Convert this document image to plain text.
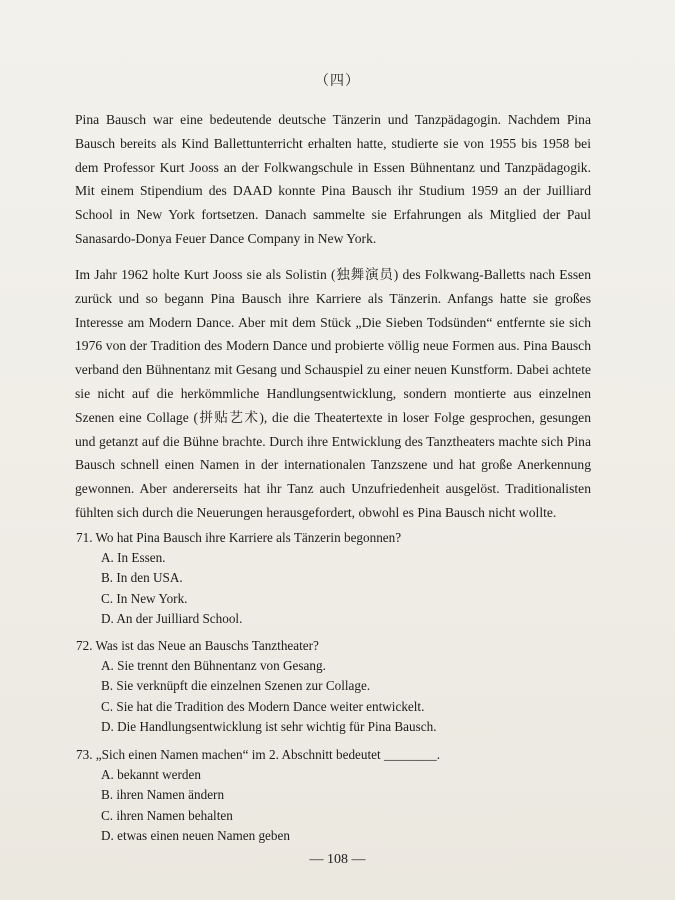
（四）

Pina Bausch war eine bedeutende deutsche Tänzerin und Tanzpädagogin. Nachdem Pina Bausch bereits als Kind Ballettunterricht erhalten hatte, studierte sie von 1955 bis 1958 bei dem Professor Kurt Jooss an der Folkwangschule in Essen Bühnentanz und Tanzpädagogik. Mit einem Stipendium des DAAD konnte Pina Bausch ihr Studium 1959 an der Juilliard School in New York fortsetzen. Danach sammelte sie Erfahrungen als Mitglied der Paul Sanasardo-Donya Feuer Dance Company in New York.

Im Jahr 1962 holte Kurt Jooss sie als Solistin (独舞演员) des Folkwang-Balletts nach Essen zurück und so begann Pina Bausch ihre Karriere als Tänzerin. Anfangs hatte sie großes Interesse am Modern Dance. Aber mit dem Stück „Die Sieben Todsünden“ entfernte sie sich 1976 von der Tradition des Modern Dance und probierte völlig neue Formen aus. Pina Bausch verband den Bühnentanz mit Gesang und Schauspiel zu einer neuen Kunstform. Dabei achtete sie nicht auf die herkömmliche Handlungsentwicklung, sondern montierte aus einzelnen Szenen eine Collage (拼贴艺术), die die Theatertexte in loser Folge gesprochen, gesungen und getanzt auf die Bühne brachte. Durch ihre Entwicklung des Tanztheaters machte sich Pina Bausch schnell einen Namen in der internationalen Tanzszene und hat große Anerkennung gewonnen. Aber andererseits hat ihr Tanz auch Unzufriedenheit ausgelöst. Traditionalisten fühlten sich durch die Neuerungen herausgefordert, obwohl es Pina Bausch nicht wollte.

71. Wo hat Pina Bausch ihre Karriere als Tänzerin begonnen?
A. In Essen.
B. In den USA.
C. In New York.
D. An der Juilliard School.
72. Was ist das Neue an Bauschs Tanztheater?
A. Sie trennt den Bühnentanz von Gesang.
B. Sie verknüpft die einzelnen Szenen zur Collage.
C. Sie hat die Tradition des Modern Dance weiter entwickelt.
D. Die Handlungsentwicklung ist sehr wichtig für Pina Bausch.
73. „Sich einen Namen machen“ im 2. Abschnitt bedeutet ________.
A. bekannt werden
B. ihren Namen ändern
C. ihren Namen behalten
D. etwas einen neuen Namen geben
— 108 —
